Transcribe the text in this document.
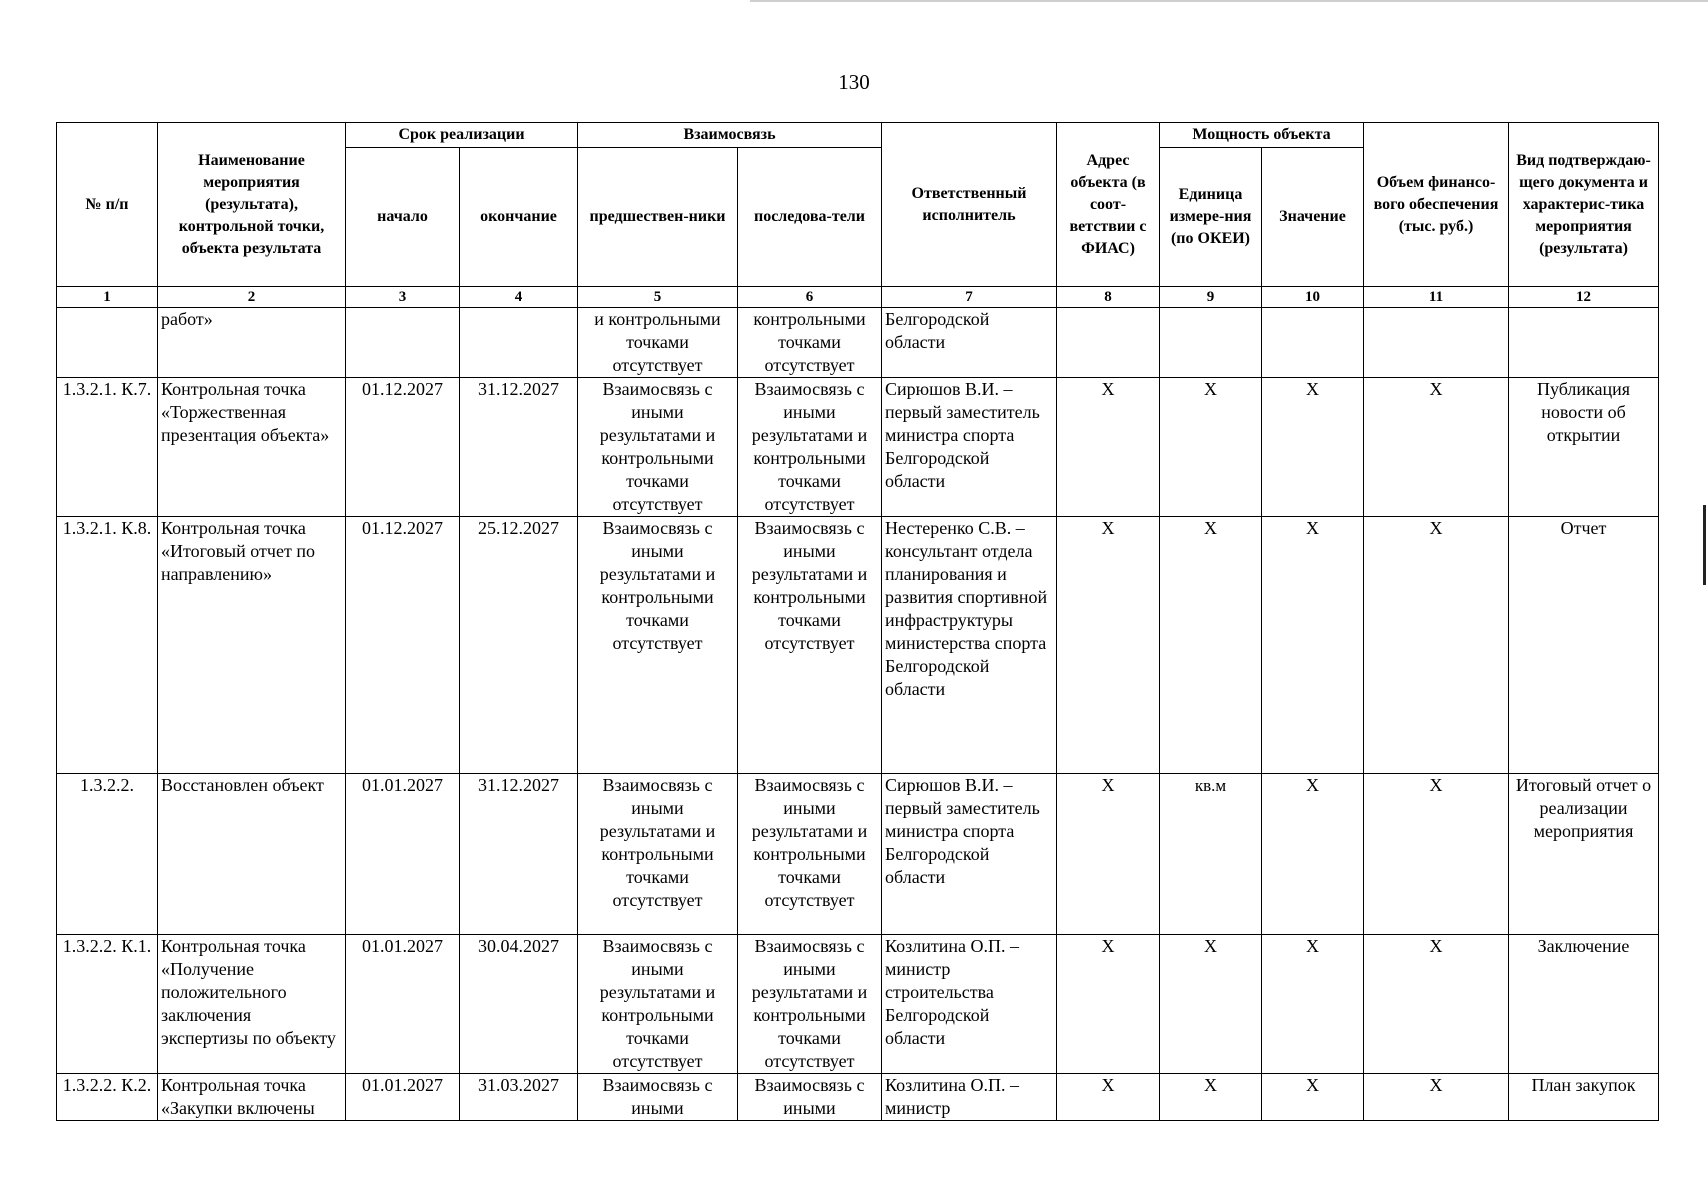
130
№ п/п	Наименование мероприятия (результата), контрольной точки, объекта результата	Срок реализации		Взаимосвязь		Ответственный исполнитель	Адрес объекта (в соот-ветствии с ФИАС)	Мощность объекта		Объем финансо-вого обеспечения (тыс. руб.)	Вид подтверждаю-щего документа и характерис-тика мероприятия (результата)
		начало	окончание	предшествен-ники	последова-тели			Единица измере-ния (по ОКЕИ)	Значение		
1	2	3	4	5	6	7	8	9	10	11	12
	работ»			и контрольными точками отсутствует	контрольными точками отсутствует	Белгородской области					
1.3.2.1. К.7.	Контрольная точка «Торжественная презентация объекта»	01.12.2027	31.12.2027	Взаимосвязь с иными результатами и контрольными точками отсутствует	Взаимосвязь с иными результатами и контрольными точками отсутствует	Сирюшов В.И. – первый заместитель министра спорта Белгородской области	X	X	X	X	Публикация новости об открытии
1.3.2.1. К.8.	Контрольная точка «Итоговый отчет по направлению»	01.12.2027	25.12.2027	Взаимосвязь с иными результатами и контрольными точками отсутствует	Взаимосвязь с иными результатами и контрольными точками отсутствует	Нестеренко С.В. – консультант отдела планирования и развития спортивной инфраструктуры министерства спорта Белгородской области	X	X	X	X	Отчет
1.3.2.2.	Восстановлен объект	01.01.2027	31.12.2027	Взаимосвязь с иными результатами и контрольными точками отсутствует	Взаимосвязь с иными результатами и контрольными точками отсутствует	Сирюшов В.И. – первый заместитель министра спорта Белгородской области	X	кв.м	X	X	Итоговый отчет о реализации мероприятия
1.3.2.2. К.1.	Контрольная точка «Получение положительного заключения экспертизы по объекту	01.01.2027	30.04.2027	Взаимосвязь с иными результатами и контрольными точками отсутствует	Взаимосвязь с иными результатами и контрольными точками отсутствует	Козлитина О.П. – министр строительства Белгородской области	X	X	X	X	Заключение
1.3.2.2. К.2.	Контрольная точка «Закупки включены	01.01.2027	31.03.2027	Взаимосвязь с иными	Взаимосвязь с иными	Козлитина О.П. – министр	X	X	X	X	План закупок
